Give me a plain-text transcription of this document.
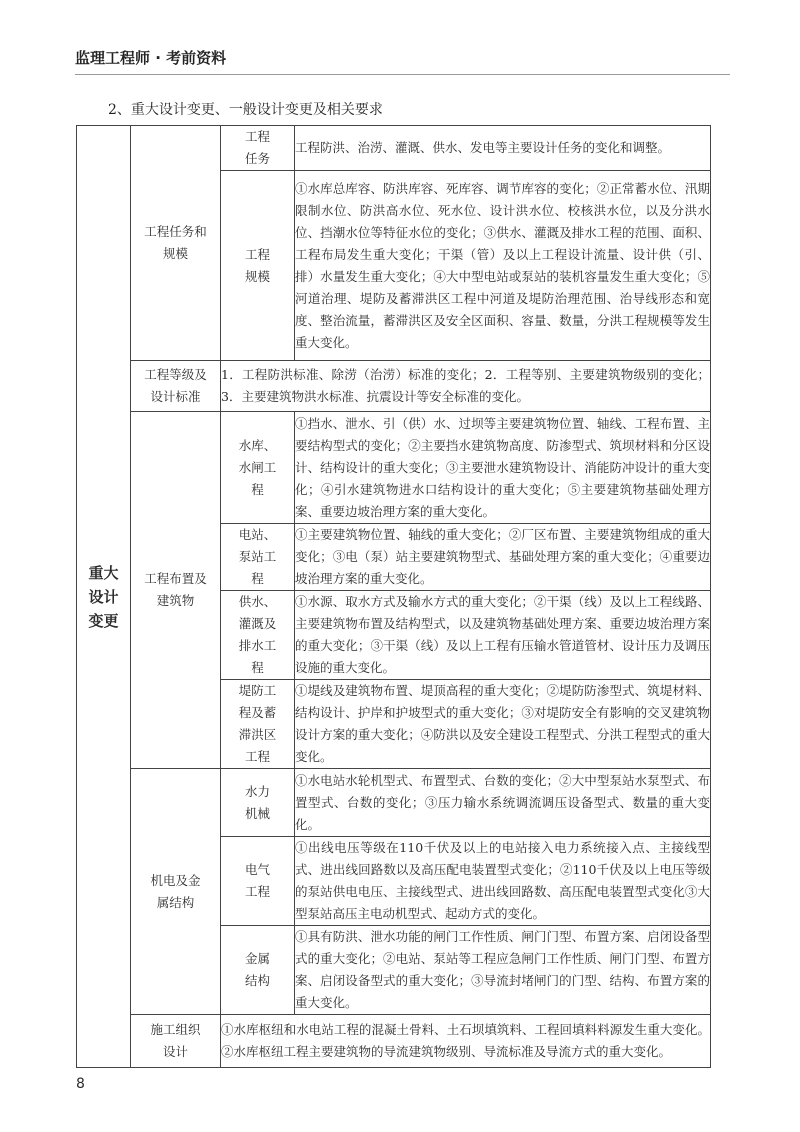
监理工程师 · 考前资料
2、重大设计变更、一般设计变更及相关要求
重大设计变更	工程任务和规模	工程任务	工程防洪、治涝、灌溉、供水、发电等主要设计任务的变化和调整。

		工程规模	①水库总库容、防洪库容、死库容、调节库容的变化；②正常蓄水位、汛期限制水位、防洪高水位、死水位、设计洪水位、校核洪水位，以及分洪水位、挡潮水位等特征水位的变化；③供水、灌溉及排水工程的范围、面积、工程布局发生重大变化；干渠（管）及以上工程设计流量、设计供（引、排）水量发生重大变化；④大中型电站或泵站的装机容量发生重大变化；⑤河道治理、堤防及蓄滞洪区工程中河道及堤防治理范围、治导线形态和宽度、整治流量，蓄滞洪区及安全区面积、容量、数量，分洪工程规模等发生重大变化。

	工程等级及设计标准	1．工程防洪标准、除涝（治涝）标准的变化；2．工程等别、主要建筑物级别的变化；3．主要建筑物洪水标准、抗震设计等安全标准的变化。	

	工程布置及建筑物	水库、水闸工程	①挡水、泄水、引（供）水、过坝等主要建筑物位置、轴线、工程布置、主要结构型式的变化；②主要挡水建筑物高度、防渗型式、筑坝材料和分区设计、结构设计的重大变化；③主要泄水建筑物设计、消能防冲设计的重大变化；④引水建筑物进水口结构设计的重大变化；⑤主要建筑物基础处理方案、重要边坡治理方案的重大变化。

		电站、泵站工程	①主要建筑物位置、轴线的重大变化；②厂区布置、主要建筑物组成的重大变化；③电（泵）站主要建筑物型式、基础处理方案的重大变化；④重要边坡治理方案的重大变化。

		供水、灌溉及排水工程	①水源、取水方式及输水方式的重大变化；②干渠（线）及以上工程线路、主要建筑物布置及结构型式，以及建筑物基础处理方案、重要边坡治理方案的重大变化；③干渠（线）及以上工程有压输水管道管材、设计压力及调压设施的重大变化。

		堤防工程及蓄滞洪区工程	①堤线及建筑物布置、堤顶高程的重大变化；②堤防防渗型式、筑堤材料、结构设计、护岸和护坡型式的重大变化；③对堤防安全有影响的交叉建筑物设计方案的重大变化；④防洪以及安全建设工程型式、分洪工程型式的重大变化。

	机电及金属结构	水力机械	①水电站水轮机型式、布置型式、台数的变化；②大中型泵站水泵型式、布置型式、台数的变化；③压力输水系统调流调压设备型式、数量的重大变化。

		电气工程	①出线电压等级在110千伏及以上的电站接入电力系统接入点、主接线型式、进出线回路数以及高压配电装置型式变化；②110千伏及以上电压等级的泵站供电电压、主接线型式、进出线回路数、高压配电装置型式变化③大型泵站高压主电动机型式、起动方式的变化。

		金属结构	①具有防洪、泄水功能的闸门工作性质、闸门门型、布置方案、启闭设备型式的重大变化；②电站、泵站等工程应急闸门工作性质、闸门门型、布置方案、启闭设备型式的重大变化；③导流封堵闸门的门型、结构、布置方案的重大变化。

	施工组织设计	①水库枢纽和水电站工程的混凝土骨料、土石坝填筑料、工程回填料料源发生重大变化。②水库枢纽工程主要建筑物的导流建筑物级别、导流标准及导流方式的重大变化。	
8
